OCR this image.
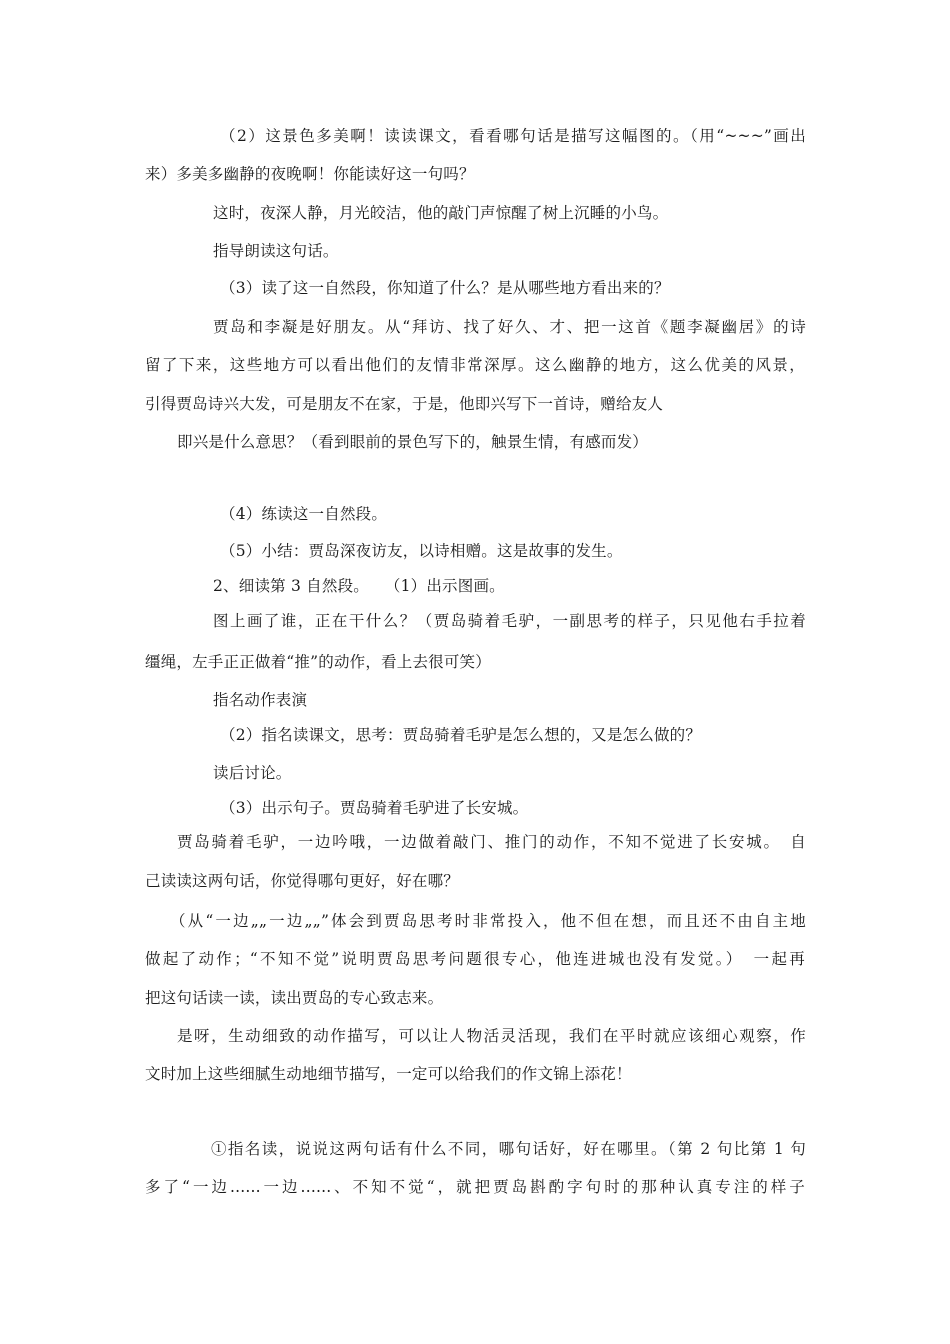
（2）这景色多美啊！读读课文，看看哪句话是描写这幅图的。（用“~~~”画出
来）多美多幽静的夜晚啊！你能读好这一句吗？
这时，夜深人静，月光皎洁，他的敲门声惊醒了树上沉睡的小鸟。
指导朗读这句话。
（3）读了这一自然段，你知道了什么？是从哪些地方看出来的？
贾岛和李凝是好朋友。从“拜访、找了好久、才、把一这首《题李凝幽居》的诗
留了下来，这些地方可以看出他们的友情非常深厚。这么幽静的地方，这么优美的风景，
引得贾岛诗兴大发，可是朋友不在家，于是，他即兴写下一首诗，赠给友人
即兴是什么意思？（看到眼前的景色写下的，触景生情，有感而发）
（4）练读这一自然段。
（5）小结：贾岛深夜访友，以诗相赠。这是故事的发生。
2、细读第 3 自然段。　　（1）出示图画。
图上画了谁，正在干什么？（贾岛骑着毛驴，一副思考的样子，只见他右手拉着
缰绳，左手正正做着“推”的动作，看上去很可笑）
指名动作表演
（2）指名读课文，思考：贾岛骑着毛驴是怎么想的，又是怎么做的？
读后讨论。
（3）出示句子。贾岛骑着毛驴进了长安城。
贾岛骑着毛驴，一边吟哦，一边做着敲门、推门的动作，不知不觉进了长安城。　自
己读读这两句话，你觉得哪句更好，好在哪？
（从“一边„„一边„„”体会到贾岛思考时非常投入，他不但在想，而且还不由自主地
做起了动作；“不知不觉”说明贾岛思考问题很专心，他连进城也没有发觉。）　一起再
把这句话读一读，读出贾岛的专心致志来。
是呀，生动细致的动作描写，可以让人物活灵活现，我们在平时就应该细心观察，作
文时加上这些细腻生动地细节描写，一定可以给我们的作文锦上添花！
①指名读，说说这两句话有什么不同，哪句话好，好在哪里。（第 2 句比第 1 句
多了“一边......一边......、不知不觉“，就把贾岛斟酌字句时的那种认真专注的样子
